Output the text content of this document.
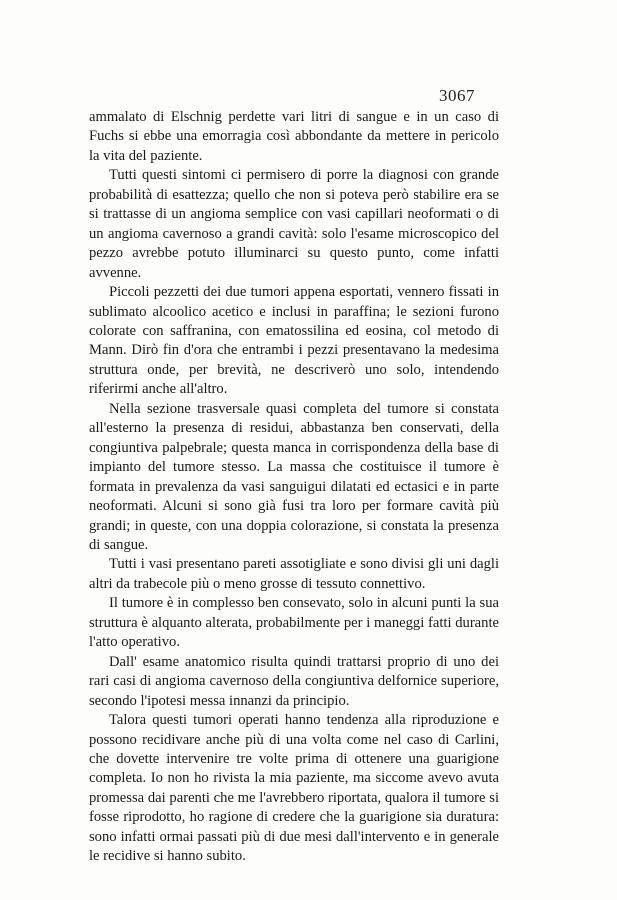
3067

ammalato di Elschnig perdette vari litri di sangue e in un caso di Fuchs si ebbe una emorragia così abbondante da mettere in pericolo la vita del paziente.

Tutti questi sintomi ci permisero di porre la diagnosi con grande probabilità di esattezza; quello che non si poteva però stabilire era se si trattasse di un angioma semplice con vasi capillari neoformati o di un angioma cavernoso a grandi cavità: solo l'esame microscopico del pezzo avrebbe potuto illuminarci su questo punto, come infatti avvenne.

Piccoli pezzetti dei due tumori appena esportati, vennero fissati in sublimato alcoolico acetico e inclusi in paraffina; le sezioni furono colorate con saffranina, con ematossilina ed eosina, col metodo di Mann. Dirò fin d'ora che entrambi i pezzi presentavano la medesima struttura onde, per brevità, ne descriverò uno solo, intendendo riferirmi anche all'altro.

Nella sezione trasversale quasi completa del tumore si constata all'esterno la presenza di residui, abbastanza ben conservati, della congiuntiva palpebrale; questa manca in corrispondenza della base di impianto del tumore stesso. La massa che costituisce il tumore è formata in prevalenza da vasi sanguigui dilatati ed ectasici e in parte neoformati. Alcuni si sono già fusi tra loro per formare cavità più grandi; in queste, con una doppia colorazione, si constata la presenza di sangue.

Tutti i vasi presentano pareti assotigliate e sono divisi gli uni dagli altri da trabecole più o meno grosse di tessuto connettivo.

Il tumore è in complesso ben consevato, solo in alcuni punti la sua struttura è alquanto alterata, probabilmente per i maneggi fatti durante l'atto operativo.

Dall' esame anatomico risulta quindi trattarsi proprio di uno dei rari casi di angioma cavernoso della congiuntiva delfornice superiore, secondo l'ipotesi messa innanzi da principio.

Talora questi tumori operati hanno tendenza alla riproduzione e possono recidivare anche più di una volta come nel caso di Carlini, che dovette intervenire tre volte prima di ottenere una guarigione completa. Io non ho rivista la mia paziente, ma siccome avevo avuta promessa dai parenti che me l'avrebbero riportata, qualora il tumore si fosse riprodotto, ho ragione di credere che la guarigione sia duratura: sono infatti ormai passati più di due mesi dall'intervento e in generale le recidive si hanno subito.
